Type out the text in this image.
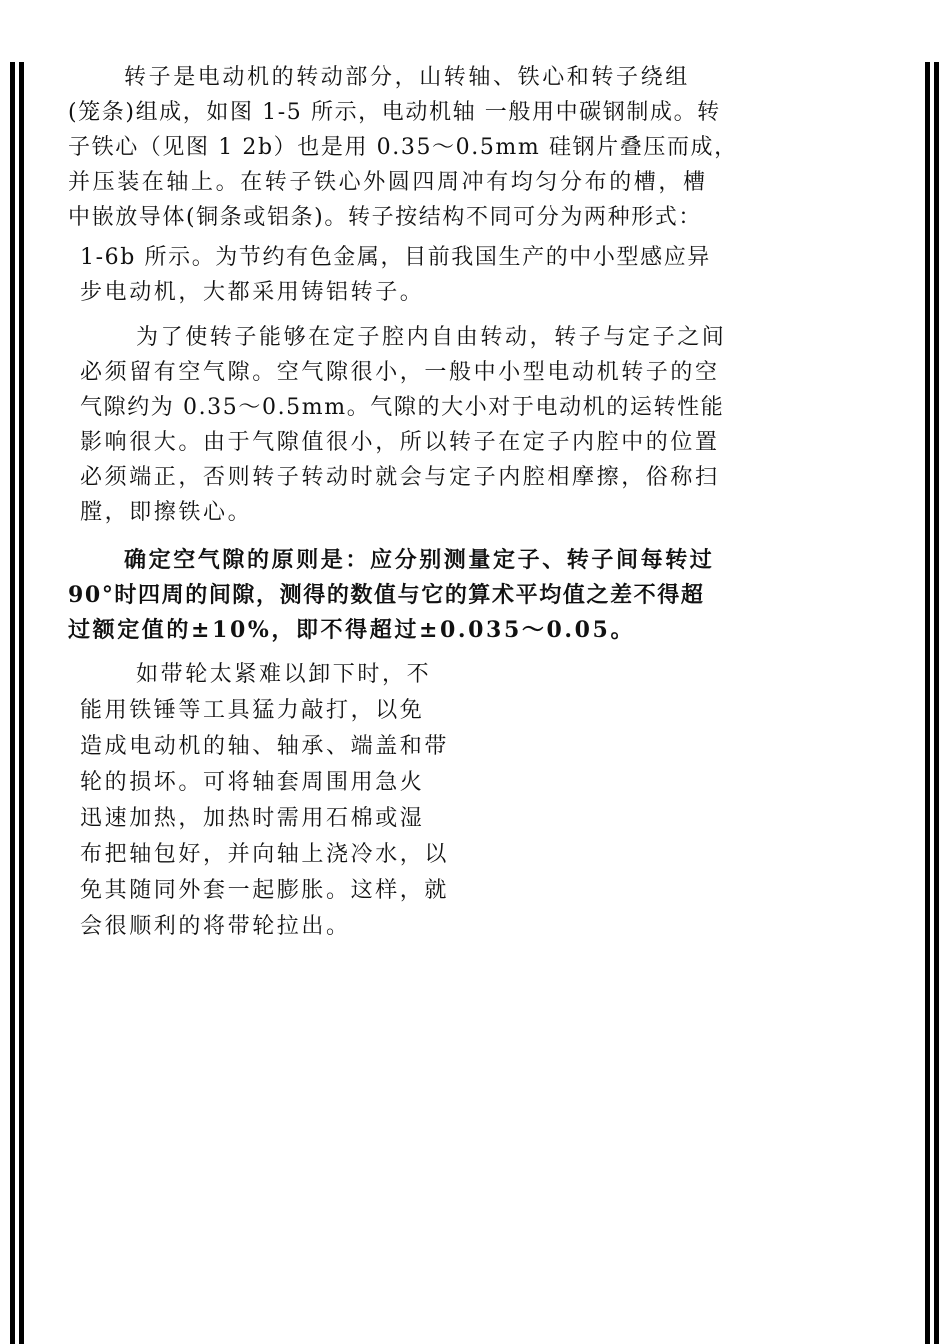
转子是电动机的转动部分，山转轴、铁心和转子绕组

(笼条)组成，如图 1-5 所示，电动机轴 一般用中碳钢制成。转

子铁心（见图 1 2b）也是用 0.35～0.5mm 硅钢片叠压而成，

并压装在轴上。在转子铁心外圆四周冲有均匀分布的槽，槽

中嵌放导体(铜条或铝条)。转子按结构不同可分为两种形式：

1-6b 所示。为节约有色金属，目前我国生产的中小型感应异

步电动机，大都采用铸铝转子。

为了使转子能够在定子腔内自由转动，转子与定子之间

必须留有空气隙。空气隙很小，一般中小型电动机转子的空

气隙约为 0.35～0.5mm。气隙的大小对于电动机的运转性能

影响很大。由于气隙值很小，所以转子在定子内腔中的位置

必须端正，否则转子转动时就会与定子内腔相摩擦，俗称扫

膛，即擦铁心。

确定空气隙的原则是：应分别测量定子、转子间每转过

90°时四周的间隙，测得的数值与它的算术平均值之差不得超

过额定值的±10%，即不得超过±0.035～0.05。

如带轮太紧难以卸下时，不

能用铁锤等工具猛力敲打，以免

造成电动机的轴、轴承、端盖和带

轮的损坏。可将轴套周围用急火

迅速加热，加热时需用石棉或湿

布把轴包好，并向轴上浇冷水，以

免其随同外套一起膨胀。这样，就

会很顺利的将带轮拉出。
